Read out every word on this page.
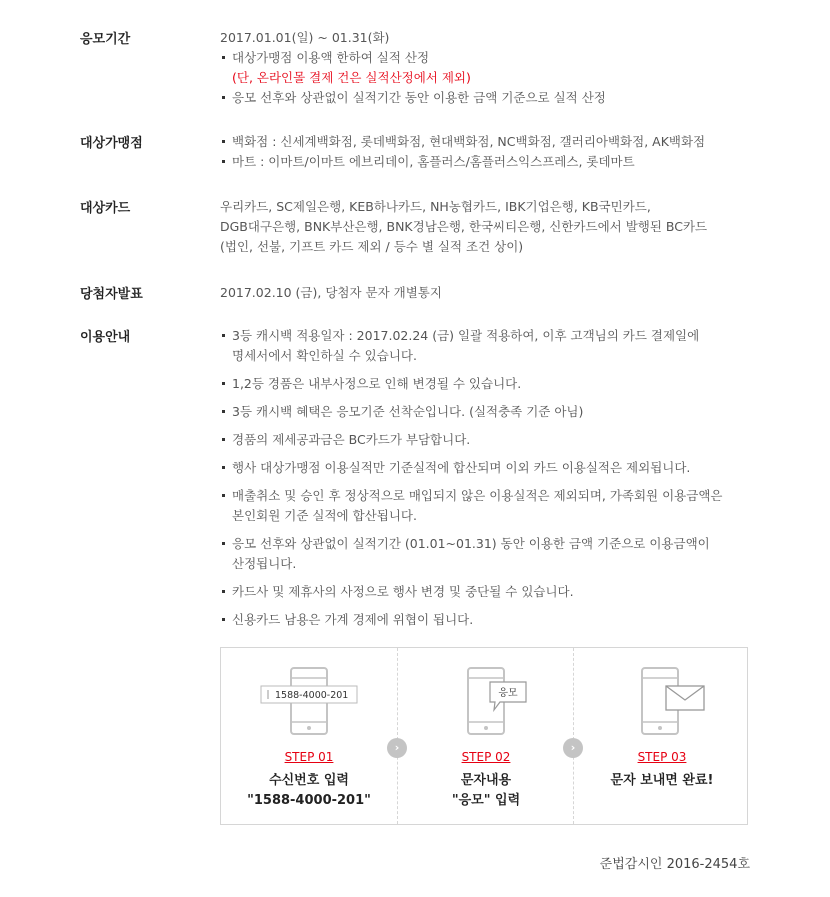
응모기간	2017.01.01(일) ~ 01.31(화)
대상가맹점 이용액 한하여 실적 산정
(단, 온라인몰 결제 건은 실적산정에서 제외)
응모 선후와 상관없이 실적기간 동안 이용한 금액 기준으로 실적 산정
대상가맹점	백화점 : 신세계백화점, 롯데백화점, 현대백화점, NC백화점, 갤러리아백화점, AK백화점
마트 : 이마트/이마트 에브리데이, 홈플러스/홈플러스익스프레스, 롯데마트
대상카드	우리카드, SC제일은행, KEB하나카드, NH농협카드, IBK기업은행, KB국민카드,
DGB대구은행, BNK부산은행, BNK경남은행, 한국씨티은행, 신한카드에서 발행된 BC카드
(법인, 선불, 기프트 카드 제외 / 등수 별 실적 조건 상이)
당첨자발표	2017.02.10 (금), 당첨자 문자 개별통지
이용안내	3등 캐시백 적용일자 : 2017.02.24 (금) 일괄 적용하여, 이후 고객님의 카드 결제일에
명세서에서 확인하실 수 있습니다.
1,2등 경품은 내부사정으로 인해 변경될 수 있습니다.
3등 캐시백 혜택은 응모기준 선착순입니다. (실적충족 기준 아님)
경품의 제세공과금은 BC카드가 부담합니다.
행사 대상가맹점 이용실적만 기준실적에 합산되며 이외 카드 이용실적은 제외됩니다.
매출취소 및 승인 후 정상적으로 매입되지 않은 이용실적은 제외되며, 가족회원 이용금액은
본인회원 기준 실적에 합산됩니다.
응모 선후와 상관없이 실적기간 (01.01~01.31) 동안 이용한 금액 기준으로 이용금액이
산정됩니다.
카드사 및 제휴사의 사정으로 행사 변경 및 중단될 수 있습니다.
신용카드 남용은 가계 경제에 위협이 됩니다.
1588-4000-201
STEP 01
수신번호 입력
"1588-4000-201"
응모
STEP 02
문자내용
"응모" 입력
STEP 03
문자 보내면 완료!
›	›
준법감시인 2016-2454호
